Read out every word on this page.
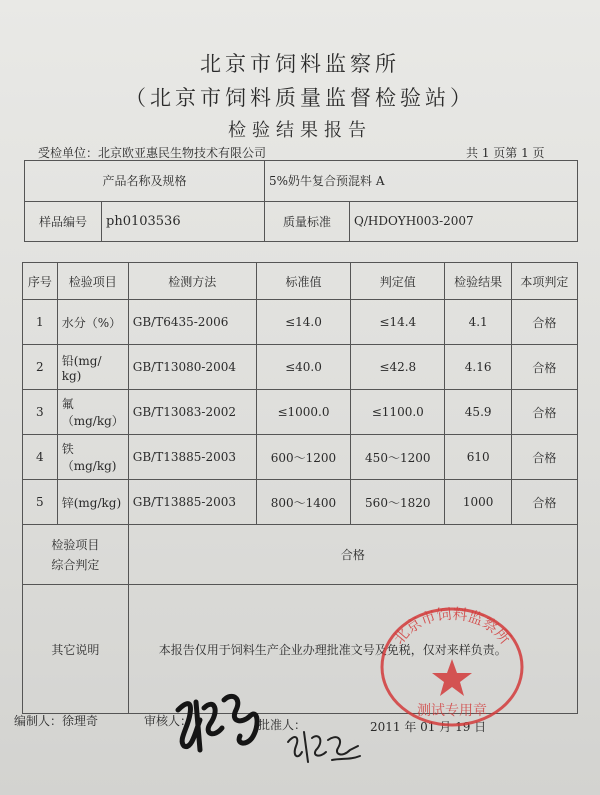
北京市饲料监察所
（北京市饲料质量监督检验站）
检验结果报告
受检单位：北京欧亚惠民生物技术有限公司	共 1 页第 1 页
产品名称及规格		5%奶牛复合预混料 A	
样品编号	ph0103536	质量标准	Q/HDOYH003-2007
序号	检验项目	检测方法	标准值	判定值	检验结果	本项判定
1	水分（%）	GB/T6435-2006	≤14.0	≤14.4	4.1	合格
2	铅(mg/ kg)	GB/T13080-2004	≤40.0	≤42.8	4.16	合格
3	氟（mg/kg）	GB/T13083-2002	≤1000.0	≤1100.0	45.9	合格
4	铁（mg/kg)	GB/T13885-2003	600～1200	450～1200	610	合格
5	锌(mg/kg)	GB/T13885-2003	800～1400	560～1820	1000	合格

检验项目
综合判定		合格				
其它说明		本报告仅用于饲料生产企业办理批准文号及免税，仅对来样负责。				
编制人：徐理奇	审核人：	批准人：	2011 年 01 月 19 日
北京市饲料监察所
测试专用章
